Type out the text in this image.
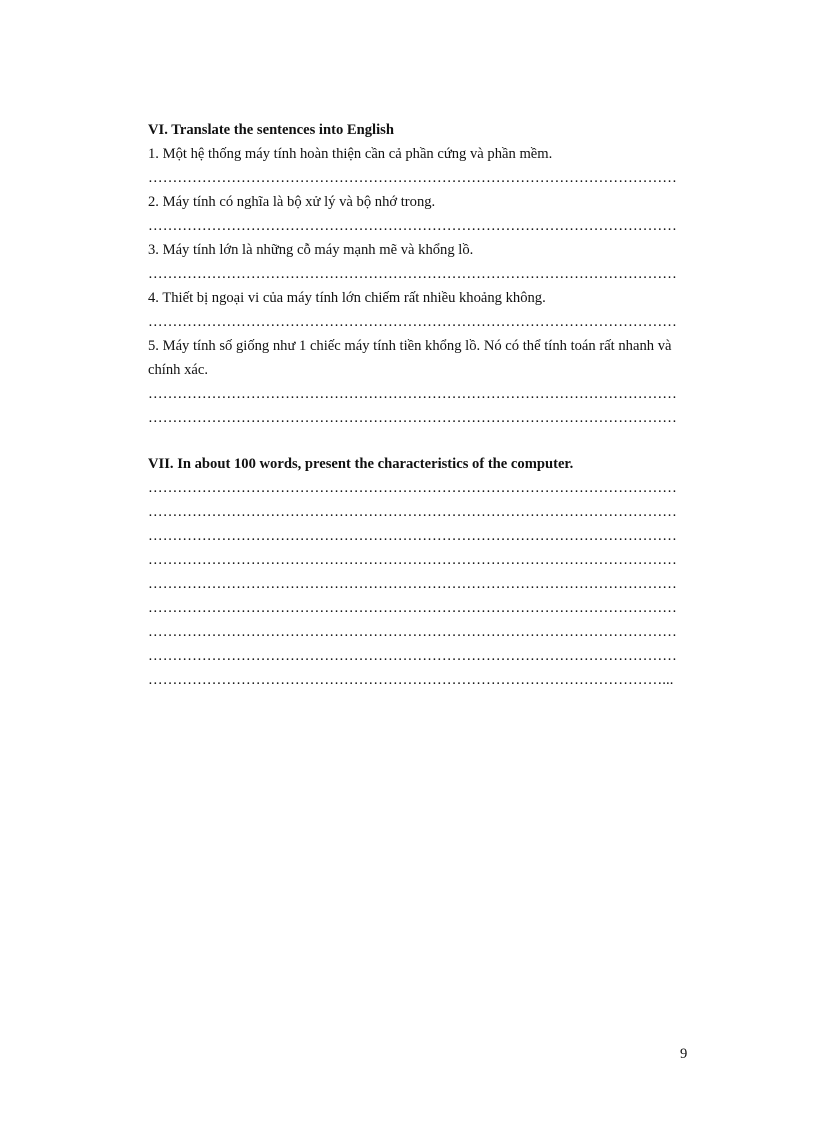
VI. Translate the sentences into English
1. Một hệ thống máy tính hoàn thiện cần cả phần cứng và phần mềm.
………………………………………………………………………………………………
2. Máy tính có nghĩa là bộ xử lý và bộ nhớ trong.
………………………………………………………………………………………………
3. Máy tính lớn là những cỗ máy mạnh mẽ và khổng lồ.
………………………………………………………………………………………………
4. Thiết bị ngoại vi của máy tính lớn chiếm rất nhiều khoảng không.
………………………………………………………………………………………………
5. Máy tính số giống như 1 chiếc máy tính tiền khổng lồ. Nó có thể tính toán rất nhanh và
chính xác.
………………………………………………………………………………………………
………………………………………………………………………………………………
VII. In about 100 words, present the characteristics of the computer.
………………………………………………………………………………………………
………………………………………………………………………………………………
………………………………………………………………………………………………
………………………………………………………………………………………………
………………………………………………………………………………………………
………………………………………………………………………………………………
………………………………………………………………………………………………
………………………………………………………………………………………………
……………………………………………………………………………………………...
9
